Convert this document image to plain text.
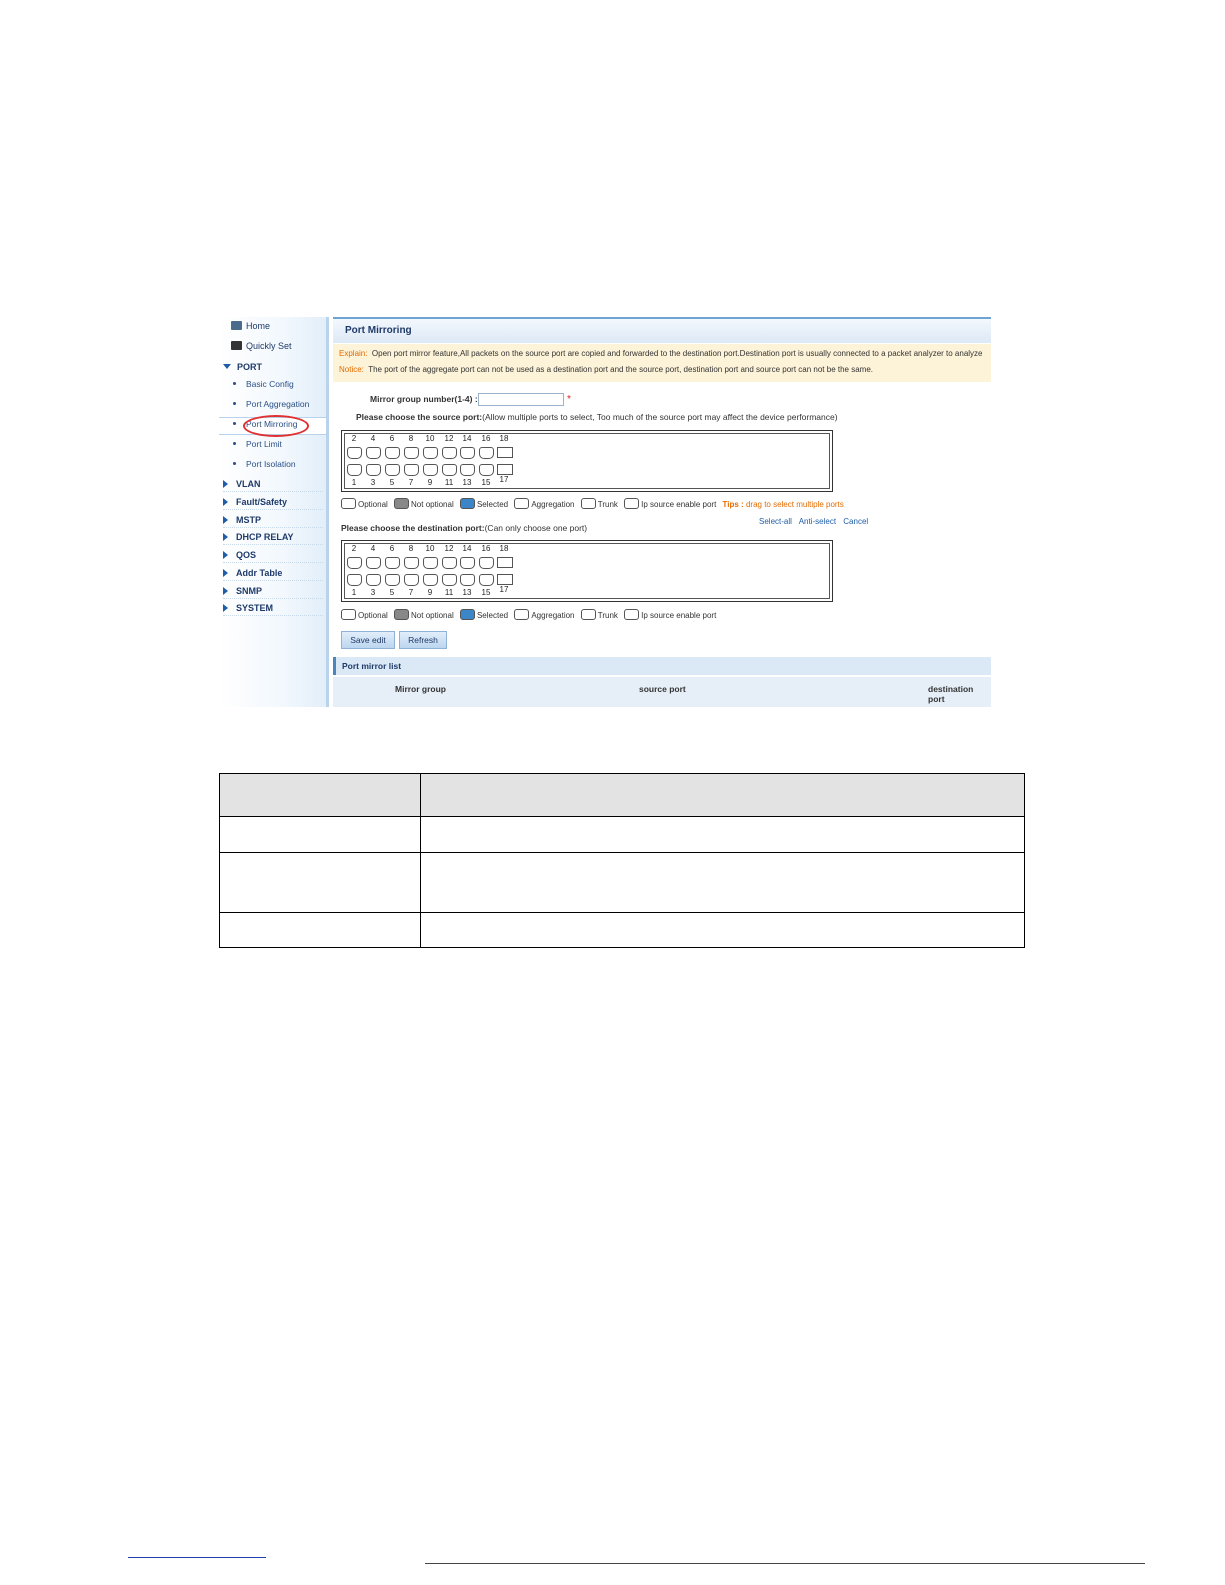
Home
Quickly Set
PORT
Basic Config
Port Aggregation
Port Mirroring
Port Limit
Port Isolation
VLAN
Fault/Safety
MSTP
DHCP RELAY
QOS
Addr Table
SNMP
SYSTEM
Port Mirroring
Explain: Open port mirror feature,All packets on the source port are copied and forwarded to the destination port.Destination port is usually connected to a packet analyzer to analyze
Notice: The port of the aggregate port can not be used as a destination port and the source port, destination port and source port can not be the same.
Mirror group number(1-4) :	*
Please choose the source port:(Allow multiple ports to select, Too much of the source port may affect the device performance)
2	4	6	8	10	12	14	16	18
1	3	5	7	9	11	13	15	17
Optional	Not optional	Selected	Aggregation	Trunk	Ip source enable port Tips : drag to select multiple ports
Select-all Anti-select Cancel
Please choose the destination port:(Can only choose one port)
2	4	6	8	10	12	14	16	18
1	3	5	7	9	11	13	15	17
Optional	Not optional	Selected	Aggregation	Trunk	Ip source enable port
Save edit	Refresh
Port mirror list
Mirror group	source port	destination port
